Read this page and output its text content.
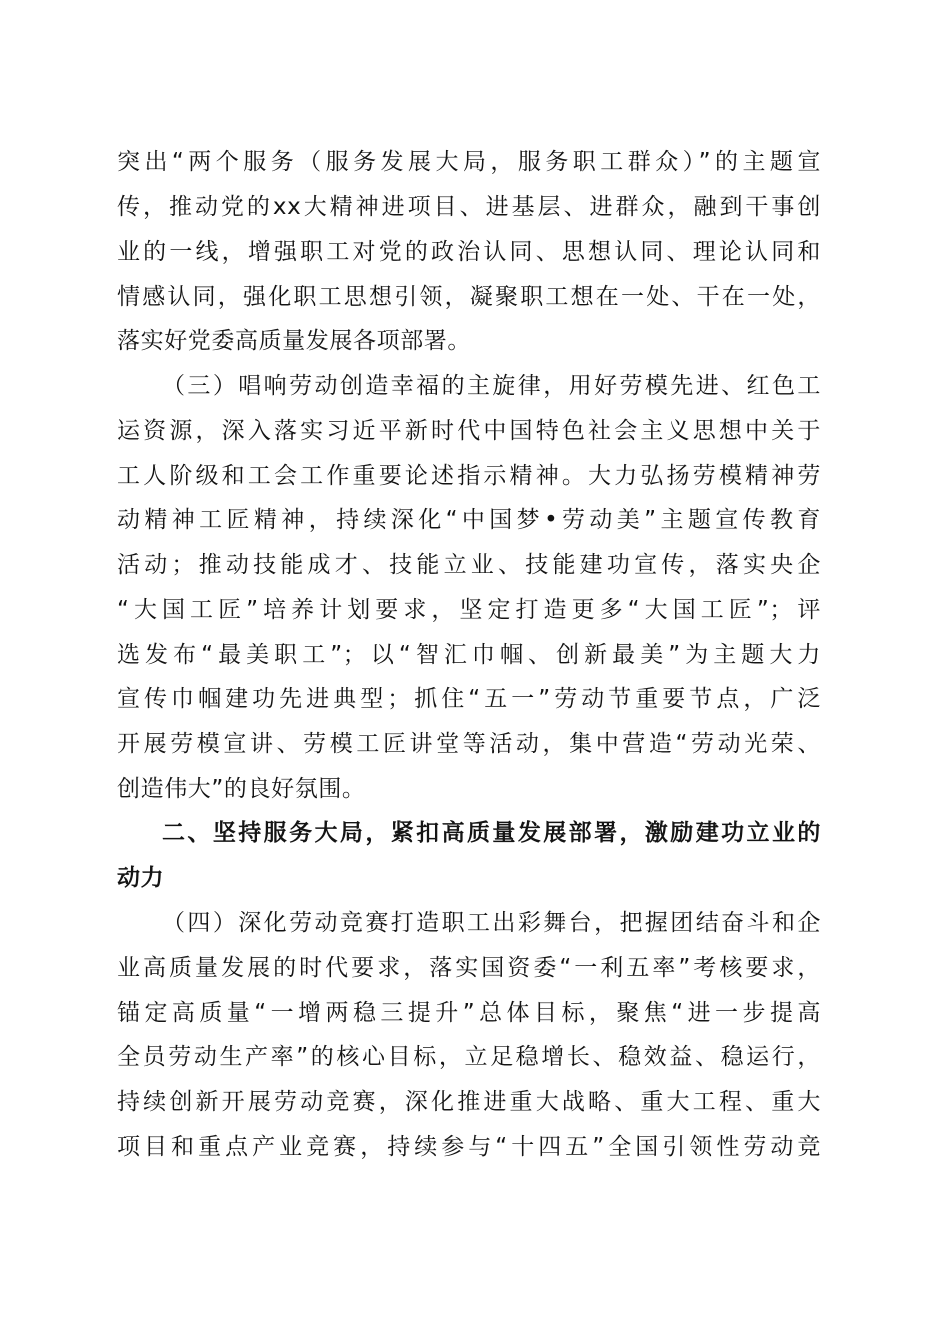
突出“两个服务（服务发展大局，服务职工群众）”的主题宣
传，推动党的xx大精神进项目、进基层、进群众，融到干事创
业的一线，增强职工对党的政治认同、思想认同、理论认同和
情感认同，强化职工思想引领，凝聚职工想在一处、干在一处，
落实好党委高质量发展各项部署。
（三）唱响劳动创造幸福的主旋律，用好劳模先进、红色工
运资源，深入落实习近平新时代中国特色社会主义思想中关于
工人阶级和工会工作重要论述指示精神。大力弘扬劳模精神劳
动精神工匠精神，持续深化“中国梦•劳动美”主题宣传教育
活动；推动技能成才、技能立业、技能建功宣传，落实央企
“大国工匠”培养计划要求，坚定打造更多“大国工匠”；评
选发布“最美职工”；以“智汇巾帼、创新最美”为主题大力
宣传巾帼建功先进典型；抓住“五一”劳动节重要节点，广泛
开展劳模宣讲、劳模工匠讲堂等活动，集中营造“劳动光荣、
创造伟大”的良好氛围。
二、坚持服务大局，紧扣高质量发展部署，激励建功立业的
动力
（四）深化劳动竞赛打造职工出彩舞台，把握团结奋斗和企
业高质量发展的时代要求，落实国资委“一利五率”考核要求，
锚定高质量“一增两稳三提升”总体目标，聚焦“进一步提高
全员劳动生产率”的核心目标，立足稳增长、稳效益、稳运行，
持续创新开展劳动竞赛，深化推进重大战略、重大工程、重大
项目和重点产业竞赛，持续参与“十四五”全国引领性劳动竞
